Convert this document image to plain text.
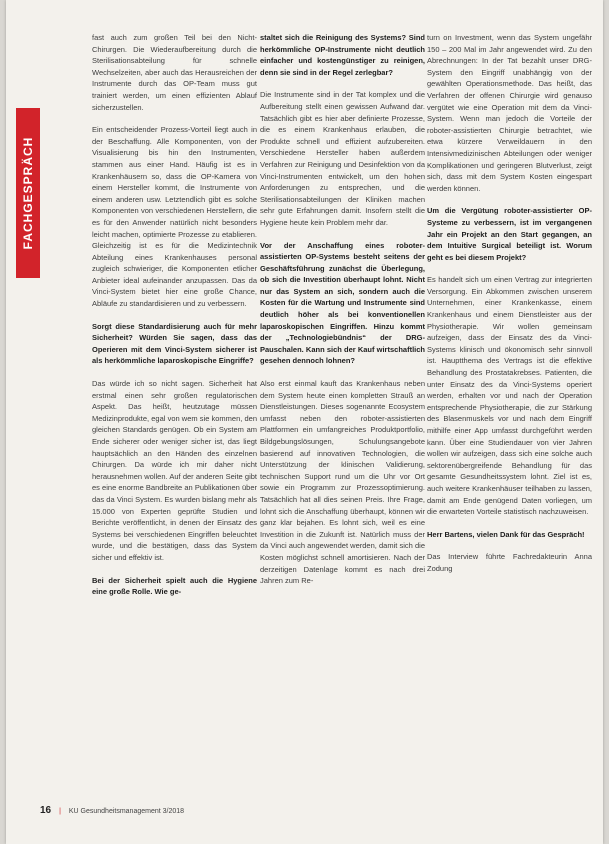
FACHGESPRÄCH

fast auch zum großen Teil bei den Nicht-Chirurgen. Die Wiederaufbereitung durch die Sterilisationsabteilung für schnelle Wechselzeiten, aber auch das Herausreichen der Instrumente durch das OP-Team muss gut trainiert werden, um einen effizienten Ablauf sicherzustellen.

Ein entscheidender Prozess-Vorteil liegt auch in der Beschaffung. Alle Komponenten, von der Visualisierung bis hin den Instrumenten, stammen aus einer Hand. Häufig ist es in Krankenhäusern so, dass die OP-Kamera von einem Hersteller kommt, die Instrumente von einem anderen usw. Letztendlich gibt es solche Komponenten von verschiedenen Herstellern, die es für den Anwender natürlich nicht besonders leicht machen, optimierte Prozesse zu etablieren. Gleichzeitig ist es für die Medizintechnik Abteilung eines Krankenhauses personal zugleich schwieriger, die Komponenten etlicher Anbieter ideal aufeinander anzupassen. Das da Vinci-System bietet hier eine große Chance, Abläufe zu standardisieren und zu verbessern.

Sorgt diese Standardisierung auch für mehr Sicherheit? Würden Sie sagen, dass das Operieren mit dem Vinci-System sicherer ist als herkömmliche laparoskopische Eingriffe?

Das würde ich so nicht sagen. Sicherheit hat erstmal einen sehr großen regulatorischen Aspekt. Das heißt, heutzutage müssen Medizinprodukte, egal von wem sie kommen, den gleichen Standards genügen. Ob ein System am Ende sicherer oder weniger sicher ist, das liegt hauptsächlich an den Händen des einzelnen Chirurgen. Da würde ich mir daher nicht herausnehmen wollen. Auf der anderen Seite gibt es eine enorme Bandbreite an Publikationen über das da Vinci System. Es wurden bislang mehr als 15.000 von Experten geprüfte Studien und Berichte veröffentlicht, in denen der Einsatz des Systems bei verschiedenen Eingriffen beleuchtet wurde, und die bestätigen, dass das System sicher und effektiv ist.

Bei der Sicherheit spielt auch die Hygiene eine große Rolle. Wie ge-

staltet sich die Reinigung des Systems? Sind herkömmliche OP-Instrumente nicht deutlich einfacher und kostengünstiger zu reinigen, denn sie sind in der Regel zerlegbar?

Die Instrumente sind in der Tat komplex und die Aufbereitung stellt einen gewissen Aufwand dar. Tatsächlich gibt es hier aber definierte Prozesse, die es einem Krankenhaus erlauben, die Produkte schnell und effizient aufzubereiten. Verschiedene Hersteller haben außerdem Verfahren zur Reinigung und Desinfektion von da Vinci-Instrumenten entwickelt, um den hohen Anforderungen zu entsprechen, und die Sterilisationsabteilungen der Kliniken machen sehr gute Erfahrungen damit. Insofern stellt die Hygiene heute kein Problem mehr dar.

Vor der Anschaffung eines roboter-assistierten OP-Systems besteht seitens der Geschäftsführung zunächst die Überlegung, ob sich die Investition überhaupt lohnt. Nicht nur das System an sich, sondern auch die Kosten für die Wartung und Instrumente sind deutlich höher als bei konventionellen laparoskopischen Eingriffen. Hinzu kommt der „Technologiebündnis“ der DRG-Pauschalen. Kann sich der Kauf wirtschaftlich gesehen dennoch lohnen?

Also erst einmal kauft das Krankenhaus neben dem System heute einen kompletten Strauß an Dienstleistungen. Dieses sogenannte Ecosystem umfasst neben den roboter-assistierten Plattformen ein umfangreiches Produktportfolio, Bildgebungslösungen, Schulungsangebote basierend auf innovativen Technologien, die Unterstützung der klinischen Validierung, technischen Support rund um die Uhr vor Ort sowie ein Programm zur Prozessoptimierung. Tatsächlich hat all dies seinen Preis. Ihre Frage, lohnt sich die Anschaffung überhaupt, können wir ganz klar bejahen. Es lohnt sich, weil es eine Investition in die Zukunft ist. Natürlich muss der da Vinci auch angewendet werden, damit sich die Kosten möglichst schnell amortisieren. Nach der derzeitigen Datenlage kommt es nach drei Jahren zum Re-

turn on Investment, wenn das System ungefähr 150 – 200 Mal im Jahr angewendet wird. Zu den Abrechnungen: In der Tat bezahlt unser DRG-System den Eingriff unabhängig von der gewählten Operationsmethode. Das heißt, das Verfahren der offenen Chirurgie wird genauso vergütet wie eine Operation mit dem da Vinci-System. Wenn man jedoch die Vorteile der roboter-assistierten Chirurgie betrachtet, wie etwa kürzere Verweildauern in den Intensivmedizinischen Abteilungen oder weniger Komplikationen und geringeren Blutverlust, zeigt sich, dass mit dem System Kosten eingespart werden können.

Um die Vergütung roboter-assistierter OP-Systeme zu verbessern, ist im vergangenen Jahr ein Projekt an den Start gegangen, an dem Intuitive Surgical beteiligt ist. Worum geht es bei diesem Projekt?

Es handelt sich um einen Vertrag zur integrierten Versorgung. Ein Abkommen zwischen unserem Unternehmen, einer Krankenkasse, einem Krankenhaus und einem Dienstleister aus der Physiotherapie. Wir wollen gemeinsam aufzeigen, dass der Einsatz des da Vinci-Systems klinisch und ökonomisch sehr sinnvoll ist. Hauptthema des Vertrags ist die effektive Behandlung des Prostatakrebses. Patienten, die unter Einsatz des da Vinci-Systems operiert werden, erhalten vor und nach der Operation entsprechende Physiotherapie, die zur Stärkung des Blasenmuskels vor und nach dem Eingriff mithilfe einer App umfasst durchgeführt werden kann. Über eine Studiendauer von vier Jahren wollen wir aufzeigen, dass sich eine solche auch sektorenübergreifende Behandlung für das gesamte Gesundheitssystem lohnt. Ziel ist es, auch weitere Krankenhäuser teilhaben zu lassen, damit am Ende genügend Daten vorliegen, um die erwarteten Vorteile statistisch nachzuweisen.

Herr Bartens, vielen Dank für das Gespräch!

Das Interview führte Fachredakteurin Anna Zodung

16 | KU Gesundheitsmanagement 3/2018
